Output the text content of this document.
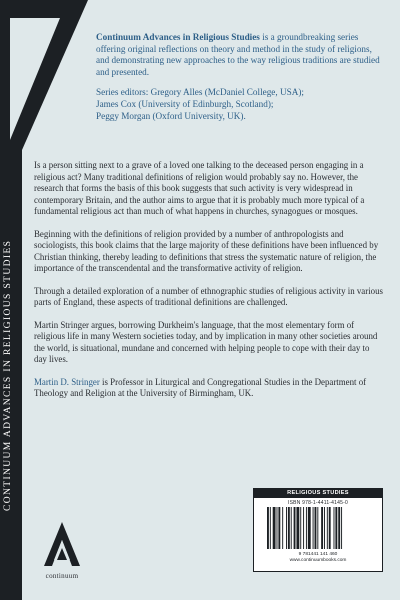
CONTINUUM ADVANCES IN RELIGIOUS STUDIES
Continuum Advances in Religious Studies is a groundbreaking series offering original reflections on theory and method in the study of religions, and demonstrating new approaches to the way religious traditions are studied and presented.
Series editors: Gregory Alles (McDaniel College, USA);
James Cox (University of Edinburgh, Scotland);
Peggy Morgan (Oxford University, UK).

Is a person sitting next to a grave of a loved one talking to the deceased person engaging in a religious act? Many traditional definitions of religion would probably say no. However, the research that forms the basis of this book suggests that such activity is very widespread in contemporary Britain, and the author aims to argue that it is probably much more typical of a fundamental religious act than much of what happens in churches, synagogues or mosques.

Beginning with the definitions of religion provided by a number of anthropologists and sociologists, this book claims that the large majority of these definitions have been influenced by Christian thinking, thereby leading to definitions that stress the systematic nature of religion, the importance of the transcendental and the transformative activity of religion.

Through a detailed exploration of a number of ethnographic studies of religious activity in various parts of England, these aspects of traditional definitions are challenged.

Martin Stringer argues, borrowing Durkheim's language, that the most elementary form of religious life in many Western societies today, and by implication in many other societies around the world, is situational, mundane and concerned with helping people to cope with their day to day lives.

Martin D. Stringer is Professor in Liturgical and Congregational Studies in the Department of Theology and Religion at the University of Birmingham, UK.

continuum
RELIGIOUS STUDIES
ISBN 978-1-4411-4145-0
9 781441 141 460
www.continuumbooks.com
